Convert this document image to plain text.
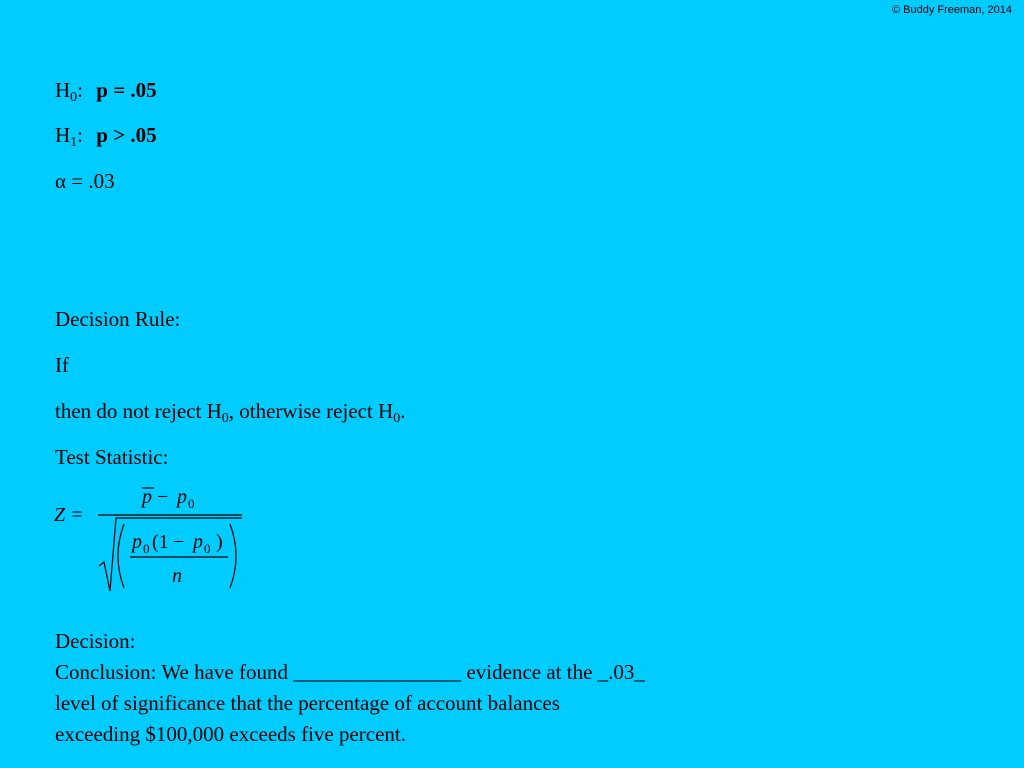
© Buddy Freeman, 2014
$H_0$: p = .05
$H_1$: p > .05
α = .03
Decision Rule:
If
then do not reject $H_0$, otherwise reject $H_0$.
Test Statistic:
Z =
p − p 0
p 0 (1 − p 0 )
n
Decision:
Conclusion: We have found ________________ evidence at the _.03_
level of significance that the percentage of account balances
exceeding $100,000 exceeds five percent.
